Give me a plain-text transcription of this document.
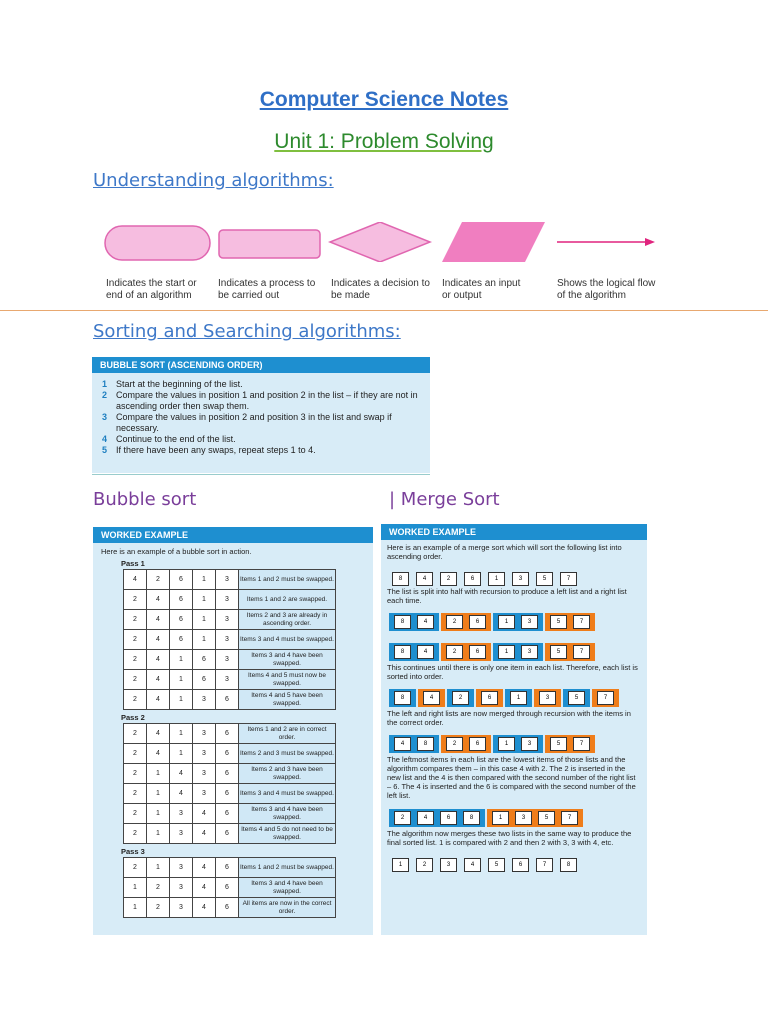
Computer Science Notes
Unit 1: Problem Solving
Understanding algorithms:
Indicates the start or end of an algorithm
Indicates a process to be carried out
Indicates a decision to be made
Indicates an input or output
Shows the logical flow of the algorithm
Sorting and Searching algorithms:
BUBBLE SORT (ASCENDING ORDER)
1 Start at the beginning of the list.
2 Compare the values in position 1 and position 2 in the list – if they are not in ascending order then swap them.
3 Compare the values in position 2 and position 3 in the list and swap if necessary.
4 Continue to the end of the list.
5 If there have been any swaps, repeat steps 1 to 4.
Bubble sort	| Merge Sort
WORKED EXAMPLE
Here is an example of a bubble sort in action.
Pass 1
4	2	6	1	3	Items 1 and 2 must be swapped.
2	4	6	1	3	Items 1 and 2 are swapped.
2	4	6	1	3	Items 2 and 3 are already in ascending order.
2	4	6	1	3	Items 3 and 4 must be swapped.
2	4	1	6	3	Items 3 and 4 have been swapped.
2	4	1	6	3	Items 4 and 5 must now be swapped.
2	4	1	3	6	Items 4 and 5 have been swapped.
Pass 2
2	4	1	3	6	Items 1 and 2 are in correct order.
2	4	1	3	6	Items 2 and 3 must be swapped.
2	1	4	3	6	Items 2 and 3 have been swapped.
2	1	4	3	6	Items 3 and 4 must be swapped.
2	1	3	4	6	Items 3 and 4 have been swapped.
2	1	3	4	6	Items 4 and 5 do not need to be swapped.
Pass 3
2	1	3	4	6	Items 1 and 2 must be swapped.
1	2	3	4	6	Items 3 and 4 have been swapped.
1	2	3	4	6	All items are now in the correct order.
WORKED EXAMPLE
Here is an example of a merge sort which will sort the following list into ascending order.
8	4	2	6	1	3	5	7
The list is split into half with recursion to produce a left list and a right list each time.
8	4	2	6	1	3	5	7
8	4	2	6	1	3	5	7
This continues until there is only one item in each list. Therefore, each list is sorted into order.
8	4	2	6	1	3	5	7
The left and right lists are now merged through recursion with the items in the correct order.
4	8	2	6	1	3	5	7
The leftmost items in each list are the lowest items of those lists and the algorithm compares them – in this case 4 with 2. The 2 is inserted in the new list and the 4 is then compared with the second number of the right list – 6. The 4 is inserted and the 6 is compared with the second number of the left list.
2	4	6	8	1	3	5	7
The algorithm now merges these two lists in the same way to produce the final sorted list. 1 is compared with 2 and then 2 with 3, 3 with 4, etc.
1	2	3	4	5	6	7	8
